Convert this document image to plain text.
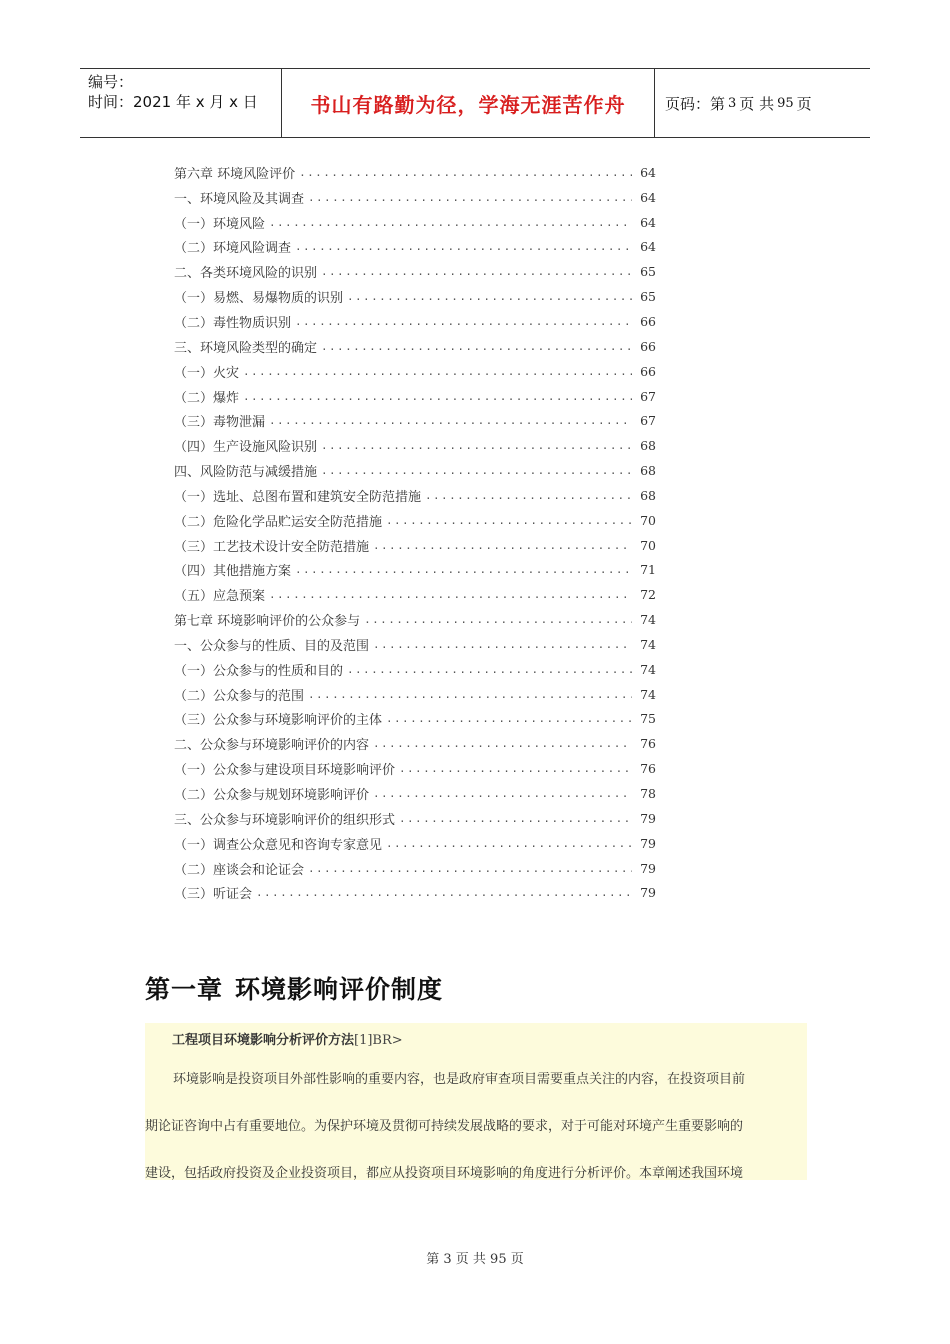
编号：
时间：2021 年 x 月 x 日	书山有路勤为径，学海无涯苦作舟	页码：第 3 页 共 95 页
第六章 环境风险评价 .....	64
一、环境风险及其调查 .....	64
（一）环境风险 .....	64
（二）环境风险调查 .....	64
二、各类环境风险的识别 .....	65
（一）易燃、易爆物质的识别 .....	65
（二）毒性物质识别 .....	66
三、环境风险类型的确定 .....	66
（一）火灾 .....	66
（二）爆炸 .....	67
（三）毒物泄漏 .....	67
（四）生产设施风险识别 .....	68
四、风险防范与减缓措施 .....	68
（一）选址、总图布置和建筑安全防范措施 .....	68
（二）危险化学品贮运安全防范措施 .....	70
（三）工艺技术设计安全防范措施 .....	70
（四）其他措施方案 .....	71
（五）应急预案 .....	72
第七章 环境影响评价的公众参与 .....	74
一、公众参与的性质、目的及范围 .....	74
（一）公众参与的性质和目的 .....	74
（二）公众参与的范围 .....	74
（三）公众参与环境影响评价的主体 .....	75
二、公众参与环境影响评价的内容 .....	76
（一）公众参与建设项目环境影响评价 .....	76
（二）公众参与规划环境影响评价 .....	78
三、公众参与环境影响评价的组织形式 .....	79
（一）调查公众意见和咨询专家意见 .....	79
（二）座谈会和论证会 .....	79
（三）听证会 .....	79
第一章 环境影响评价制度
工程项目环境影响分析评价方法[1]BR>
环境影响是投资项目外部性影响的重要内容，也是政府审查项目需要重点关注的内容，在投资项目前
期论证咨询中占有重要地位。为保护环境及贯彻可持续发展战略的要求，对于可能对环境产生重要影响的
建设，包括政府投资及企业投资项目，都应从投资项目环境影响的角度进行分析评价。本章阐述我国环境
第 3 页 共 95 页
